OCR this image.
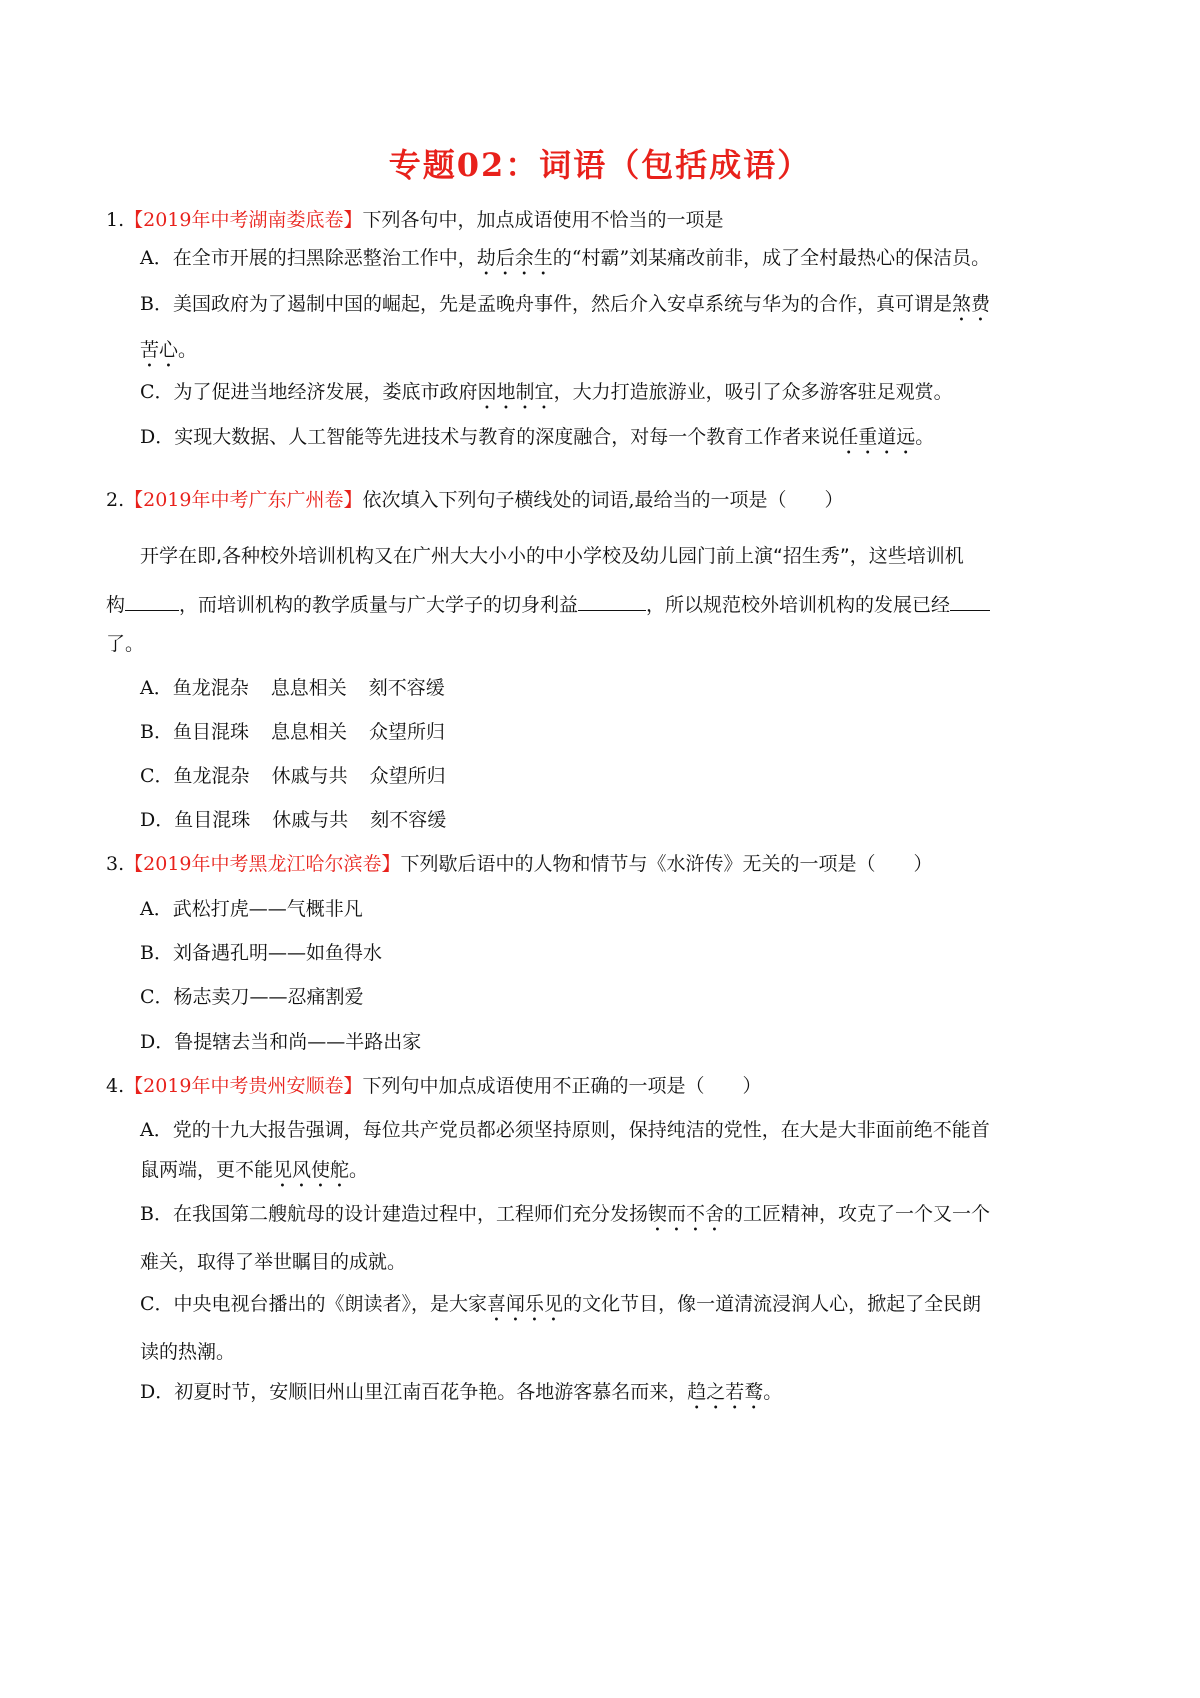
专题02：词语（包括成语）
1.【2019年中考湖南娄底卷】下列各句中，加点成语使用不恰当的一项是
A．在全市开展的扫黑除恶整治工作中，劫后余生的“村霸”刘某痛改前非，成了全村最热心的保洁员。
B．美国政府为了遏制中国的崛起，先是孟晚舟事件，然后介入安卓系统与华为的合作，真可谓是煞费
苦心。
C．为了促进当地经济发展，娄底市政府因地制宜，大力打造旅游业，吸引了众多游客驻足观赏。
D．实现大数据、人工智能等先进技术与教育的深度融合，对每一个教育工作者来说任重道远。
2.【2019年中考广东广州卷】依次填入下列句子横线处的词语,最给当的一项是（　　）
开学在即,各种校外培训机构又在广州大大小小的中小学校及幼儿园门前上演“招生秀”，这些培训机
构	，而培训机构的教学质量与广大学子的切身利益	，所以规范校外培训机构的发展已经
了。
A．鱼龙混杂 息息相关 刻不容缓
B．鱼目混珠 息息相关 众望所归
C．鱼龙混杂 休戚与共 众望所归
D．鱼目混珠 休戚与共 刻不容缓
3.【2019年中考黑龙江哈尔滨卷】下列歇后语中的人物和情节与《水浒传》无关的一项是（　　）
A．武松打虎——气概非凡
B．刘备遇孔明——如鱼得水
C．杨志卖刀——忍痛割爱
D．鲁提辖去当和尚——半路出家
4.【2019年中考贵州安顺卷】下列句中加点成语使用不正确的一项是（　　）
A．党的十九大报告强调，每位共产党员都必须坚持原则，保持纯洁的党性，在大是大非面前绝不能首
鼠两端，更不能见风使舵。
B．在我国第二艘航母的设计建造过程中，工程师们充分发扬锲而不舍的工匠精神，攻克了一个又一个
难关，取得了举世瞩目的成就。
C．中央电视台播出的《朗读者》，是大家喜闻乐见的文化节目，像一道清流浸润人心，掀起了全民朗
读的热潮。
D．初夏时节，安顺旧州山里江南百花争艳。各地游客慕名而来，趋之若鹜。
